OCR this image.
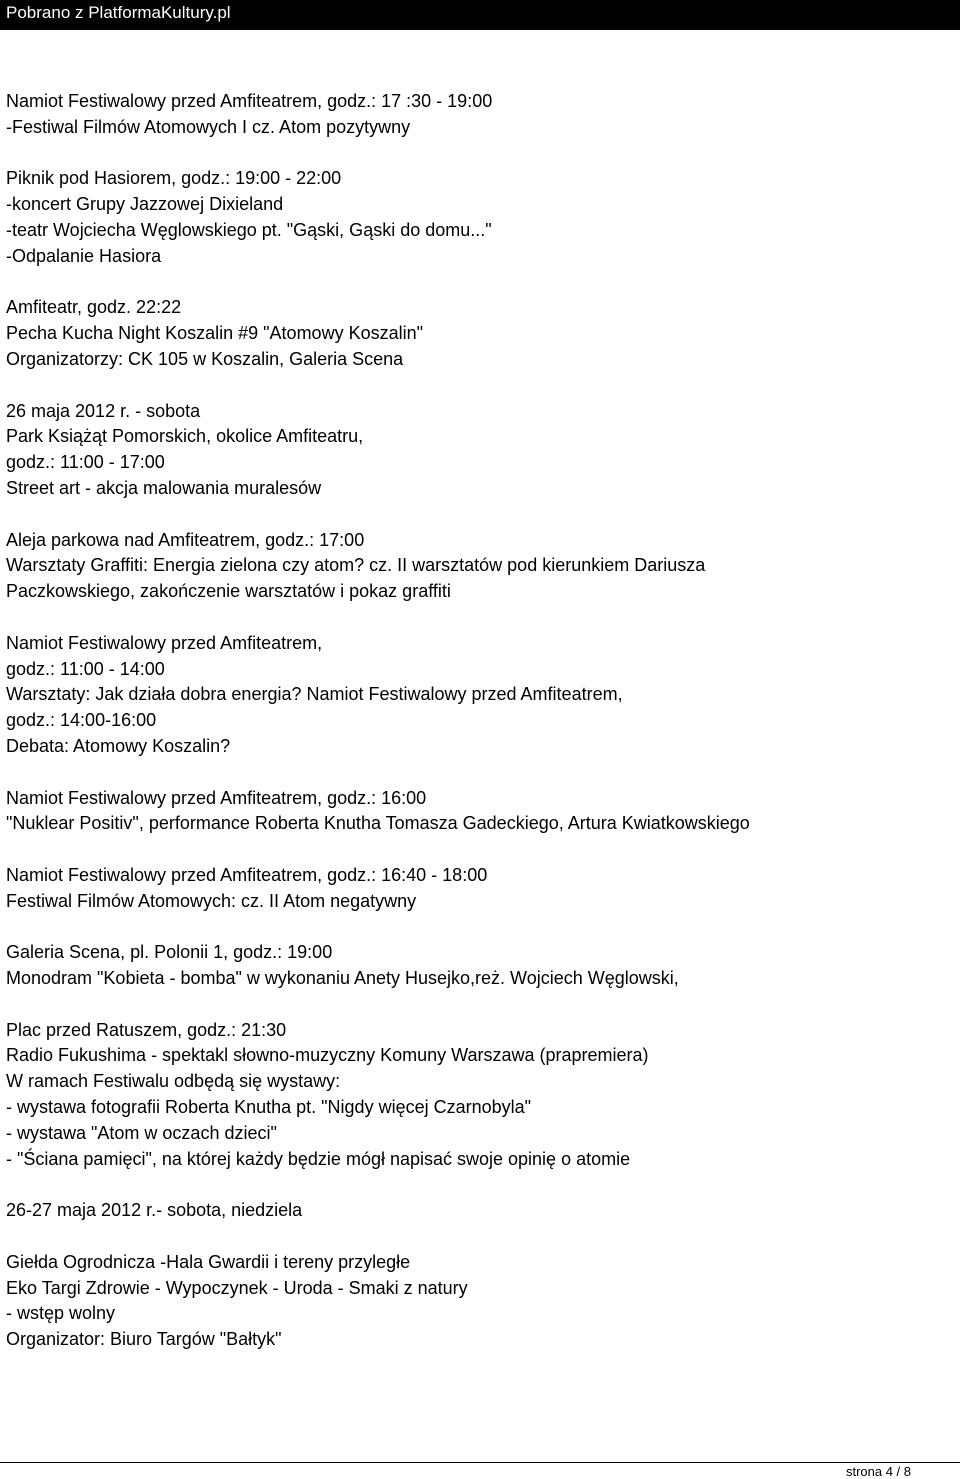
Pobrano z PlatformaKultury.pl
Namiot Festiwalowy przed Amfiteatrem, godz.: 17 :30 - 19:00
-Festiwal Filmów Atomowych I cz. Atom pozytywny
Piknik pod Hasiorem, godz.: 19:00 - 22:00
-koncert Grupy Jazzowej Dixieland
-teatr Wojciecha Węglowskiego pt. "Gąski, Gąski do domu..."
-Odpalanie Hasiora
Amfiteatr, godz. 22:22
Pecha Kucha Night Koszalin #9 "Atomowy Koszalin"
Organizatorzy: CK 105 w Koszalin, Galeria Scena
26 maja 2012 r. - sobota
Park Książąt Pomorskich, okolice Amfiteatru,
godz.: 11:00 - 17:00
Street art - akcja malowania muralesów
Aleja parkowa nad Amfiteatrem, godz.: 17:00
Warsztaty Graffiti: Energia zielona czy atom? cz. II warsztatów pod kierunkiem Dariusza
Paczkowskiego, zakończenie warsztatów i pokaz graffiti
Namiot Festiwalowy przed Amfiteatrem,
godz.: 11:00 - 14:00
Warsztaty: Jak działa dobra energia? Namiot Festiwalowy przed Amfiteatrem,
godz.: 14:00-16:00
Debata: Atomowy Koszalin?
Namiot Festiwalowy przed Amfiteatrem, godz.: 16:00
"Nuklear Positiv", performance Roberta Knutha Tomasza Gadeckiego, Artura Kwiatkowskiego
Namiot Festiwalowy przed Amfiteatrem, godz.: 16:40 - 18:00
Festiwal Filmów Atomowych: cz. II Atom negatywny
Galeria Scena, pl. Polonii 1, godz.: 19:00
Monodram "Kobieta - bomba" w wykonaniu Anety Husejko,reż. Wojciech Węglowski,
Plac przed Ratuszem, godz.: 21:30
Radio Fukushima - spektakl słowno-muzyczny Komuny Warszawa (prapremiera)
W ramach Festiwalu odbędą się wystawy:
- wystawa fotografii Roberta Knutha pt. "Nigdy więcej Czarnobyla"
- wystawa "Atom w oczach dzieci"
- "Ściana pamięci", na której każdy będzie mógł napisać swoje opinię o atomie
26-27 maja 2012 r.- sobota, niedziela
Giełda Ogrodnicza -Hala Gwardii i tereny przyległe
Eko Targi Zdrowie - Wypoczynek - Uroda - Smaki z natury
- wstęp wolny
Organizator: Biuro Targów "Bałtyk"
strona 4 / 8
